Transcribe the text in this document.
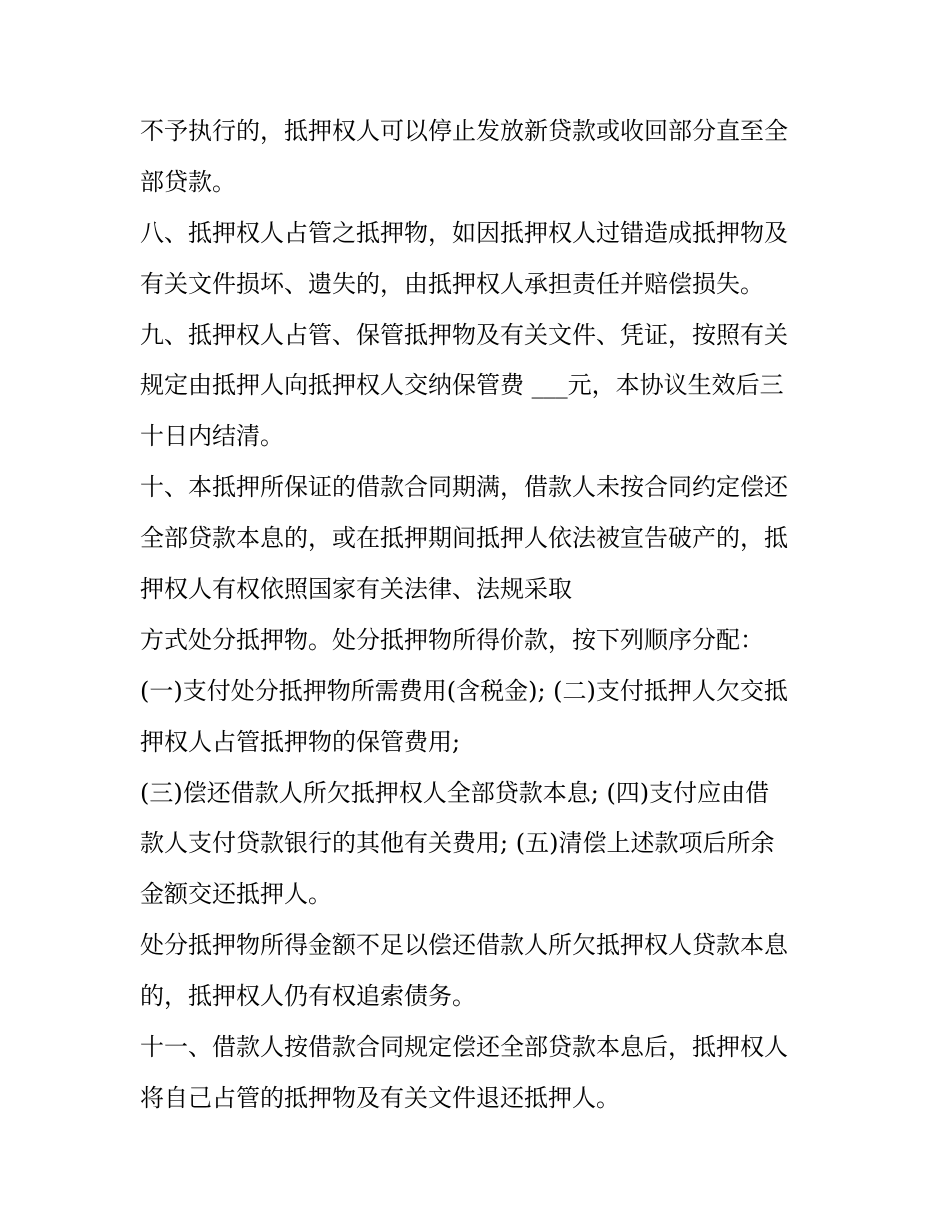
不予执行的，抵押权人可以停止发放新贷款或收回部分直至全
部贷款。
八、抵押权人占管之抵押物，如因抵押权人过错造成抵押物及
有关文件损坏、遗失的，由抵押权人承担责任并赔偿损失。
九、抵押权人占管、保管抵押物及有关文件、凭证，按照有关
规定由抵押人向抵押权人交纳保管费 ___元，本协议生效后三
十日内结清。
十、本抵押所保证的借款合同期满，借款人未按合同约定偿还
全部贷款本息的，或在抵押期间抵押人依法被宣告破产的，抵
押权人有权依照国家有关法律、法规采取
方式处分抵押物。处分抵押物所得价款，按下列顺序分配：
(一)支付处分抵押物所需费用(含税金); (二)支付抵押人欠交抵
押权人占管抵押物的保管费用;
(三)偿还借款人所欠抵押权人全部贷款本息; (四)支付应由借
款人支付贷款银行的其他有关费用; (五)清偿上述款项后所余
金额交还抵押人。
处分抵押物所得金额不足以偿还借款人所欠抵押权人贷款本息
的，抵押权人仍有权追索债务。
十一、借款人按借款合同规定偿还全部贷款本息后，抵押权人
将自己占管的抵押物及有关文件退还抵押人。
